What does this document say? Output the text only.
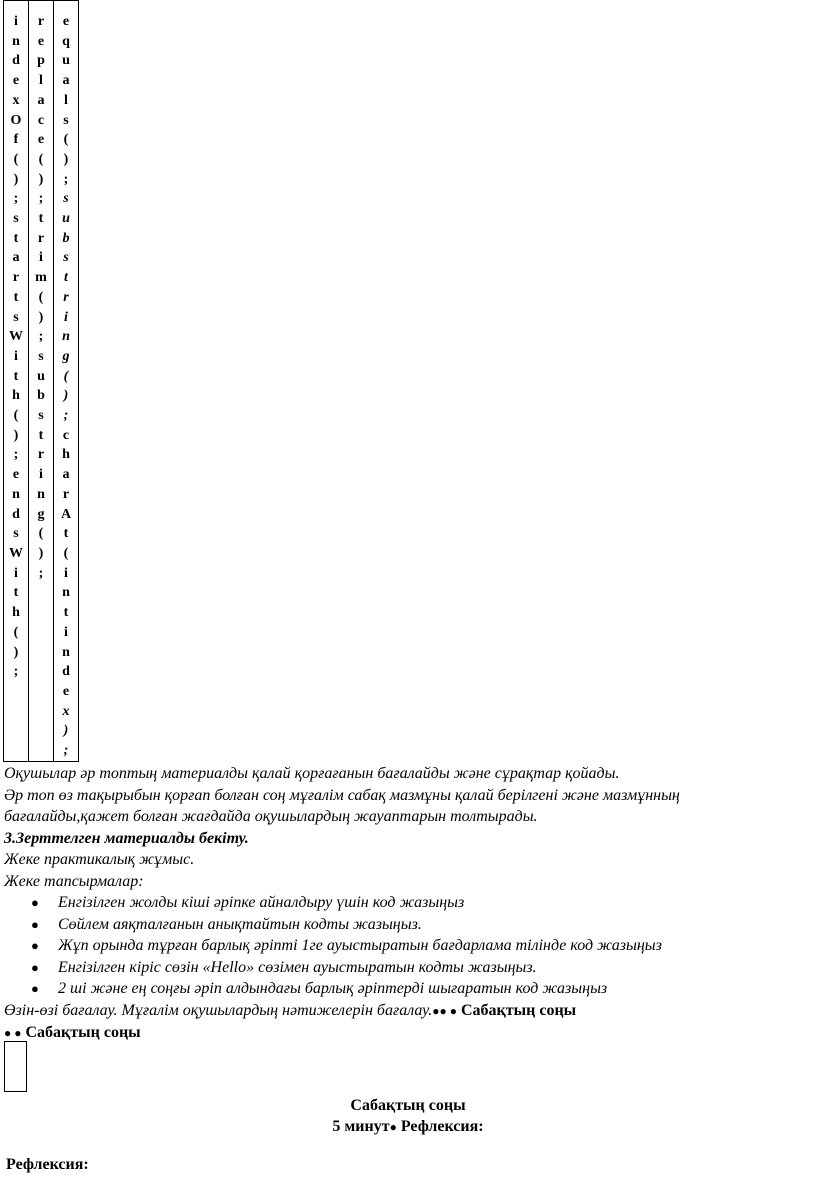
i
n
d
e
x
O
f
(
)
;
s
t
a
r
t
s
W
i
t
h
(
)
;
e
n
d
s
W
i
t
h
(
)
;

r
e
p
l
a
c
e
(
)
;
t
r
i
m
(
)
;
s
u
b
s
t
r
i
n
g
(
)
;

e
q
u
a
l
s
(
)
;
s
u
b
s
t
r
i
n
g
(
)
;
c
h
a
r
A
t
(
i
n
t
i
n
d
e
x
)
;

Оқушылар әр топтың материалды қалай қорғағанын бағалайды және сұрақтар қойады.

Әр топ өз тақырыбын қорғап болған соң мұғалім сабақ мазмұны қалай берілгені және мазмұнның бағалайды,қажет болған жағдайда оқушылардың жауаптарын толтырады.

3.Зерттелген материалды бекіту.

Жеке практикалық жұмыс.

Жеке тапсырмалар:

● Енгізілген жолды кіші әріпке айналдыру үшін код жазыңыз
● Сөйлем аяқталғанын анықтайтын кодты жазыңыз.
● Жұп орында тұрған барлық әріпті 1ге ауыстыратын бағдарлама тілінде код жазыңыз
● Енгізілген кіріс сөзін «Hello» сөзімен ауыстыратын кодты жазыңыз.
● 2 ші және ең соңғы әріп алдындағы барлық әріптерді шығаратын код жазыңыз

Өзін-өзі бағалау. Мұғалім оқушылардың нәтижелерін бағалау.●● ● Сабақтың соңы

● ● Сабақтың соңы

Сабақтың соңы

5 минут● Рефлексия:

Рефлексия:
